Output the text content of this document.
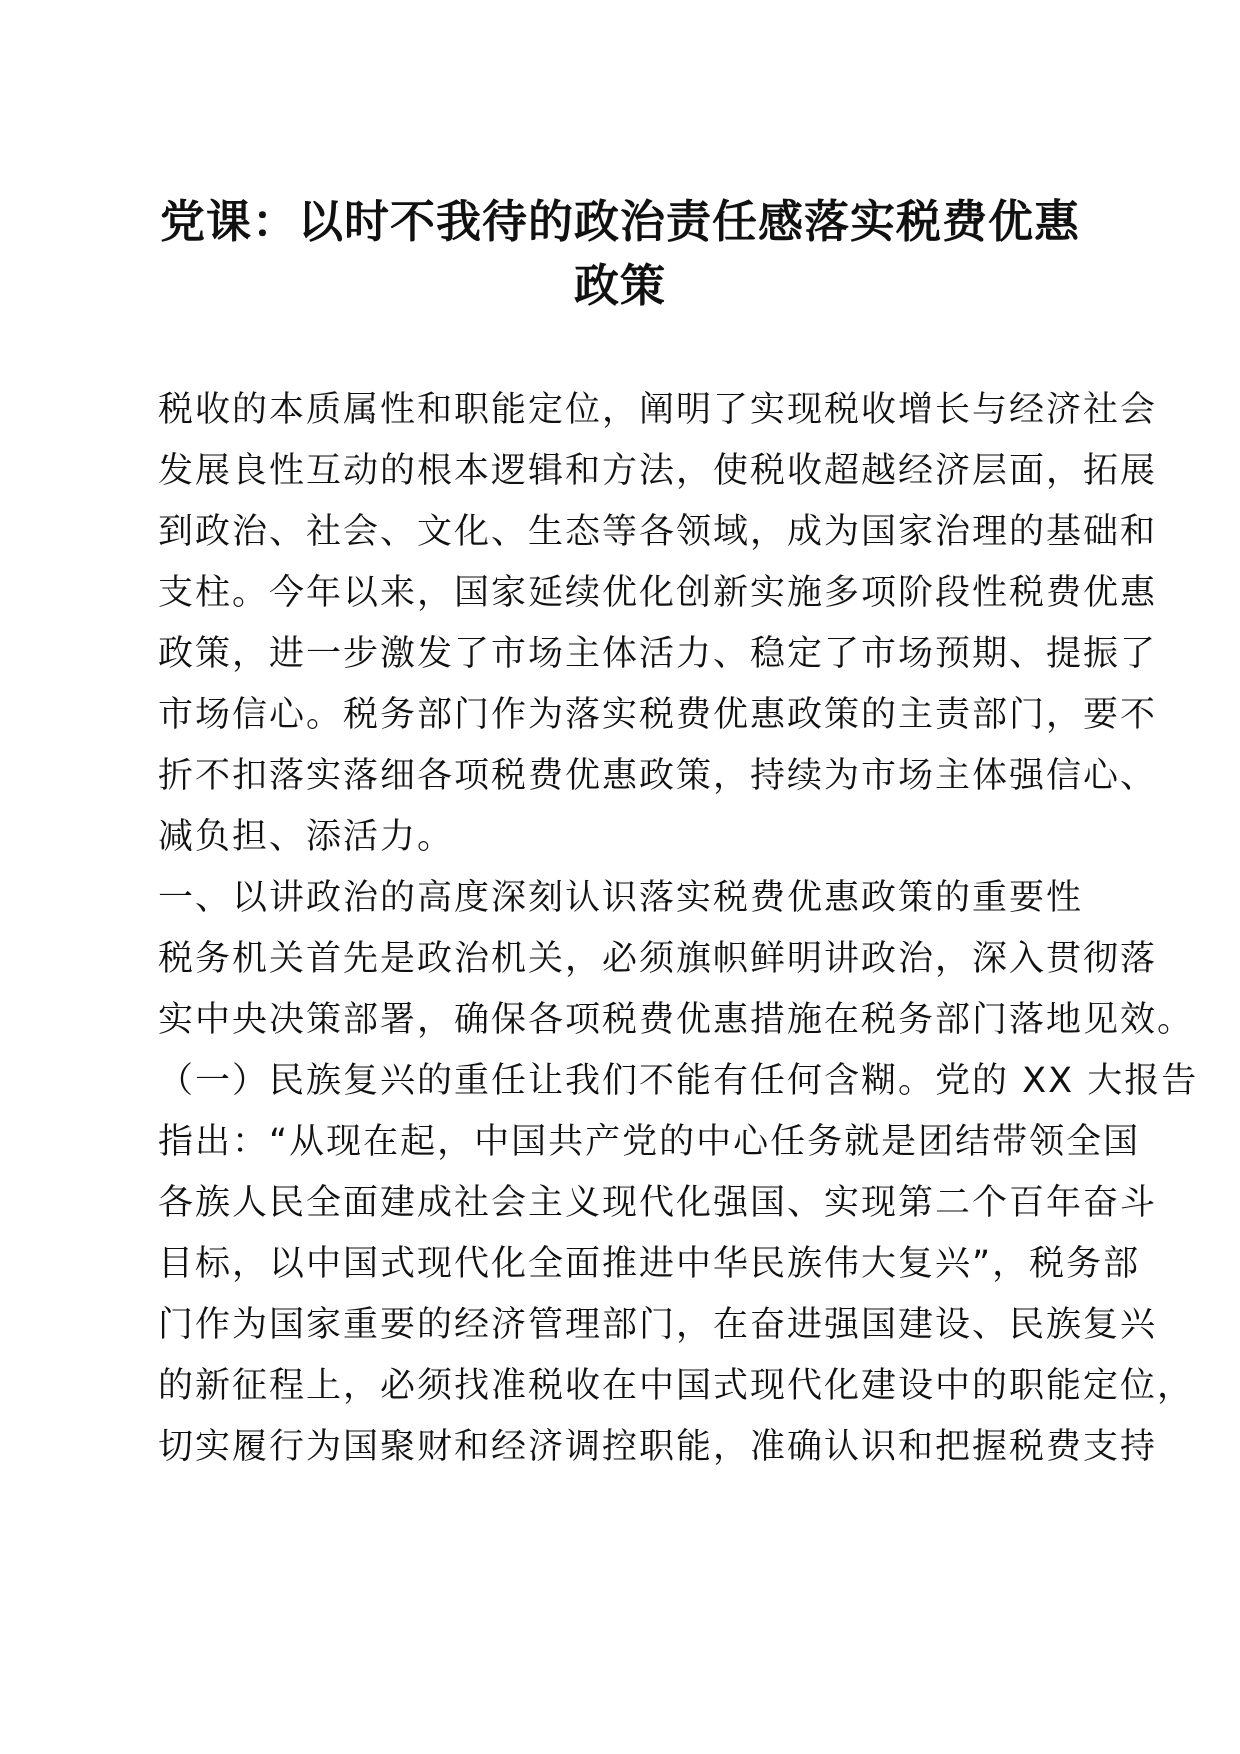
党课：以时不我待的政治责任感落实税费优惠
政策

税收的本质属性和职能定位，阐明了实现税收增长与经济社会

发展良性互动的根本逻辑和方法，使税收超越经济层面，拓展

到政治、社会、文化、生态等各领域，成为国家治理的基础和

支柱。今年以来，国家延续优化创新实施多项阶段性税费优惠

政策，进一步激发了市场主体活力、稳定了市场预期、提振了

市场信心。税务部门作为落实税费优惠政策的主责部门，要不

折不扣落实落细各项税费优惠政策，持续为市场主体强信心、

减负担、添活力。

一、以讲政治的高度深刻认识落实税费优惠政策的重要性

税务机关首先是政治机关，必须旗帜鲜明讲政治，深入贯彻落

实中央决策部署，确保各项税费优惠措施在税务部门落地见效。

（一）民族复兴的重任让我们不能有任何含糊。党的 XX 大报告

指出：“从现在起，中国共产党的中心任务就是团结带领全国

各族人民全面建成社会主义现代化强国、实现第二个百年奋斗

目标，以中国式现代化全面推进中华民族伟大复兴”，税务部

门作为国家重要的经济管理部门，在奋进强国建设、民族复兴

的新征程上，必须找准税收在中国式现代化建设中的职能定位，

切实履行为国聚财和经济调控职能，准确认识和把握税费支持
